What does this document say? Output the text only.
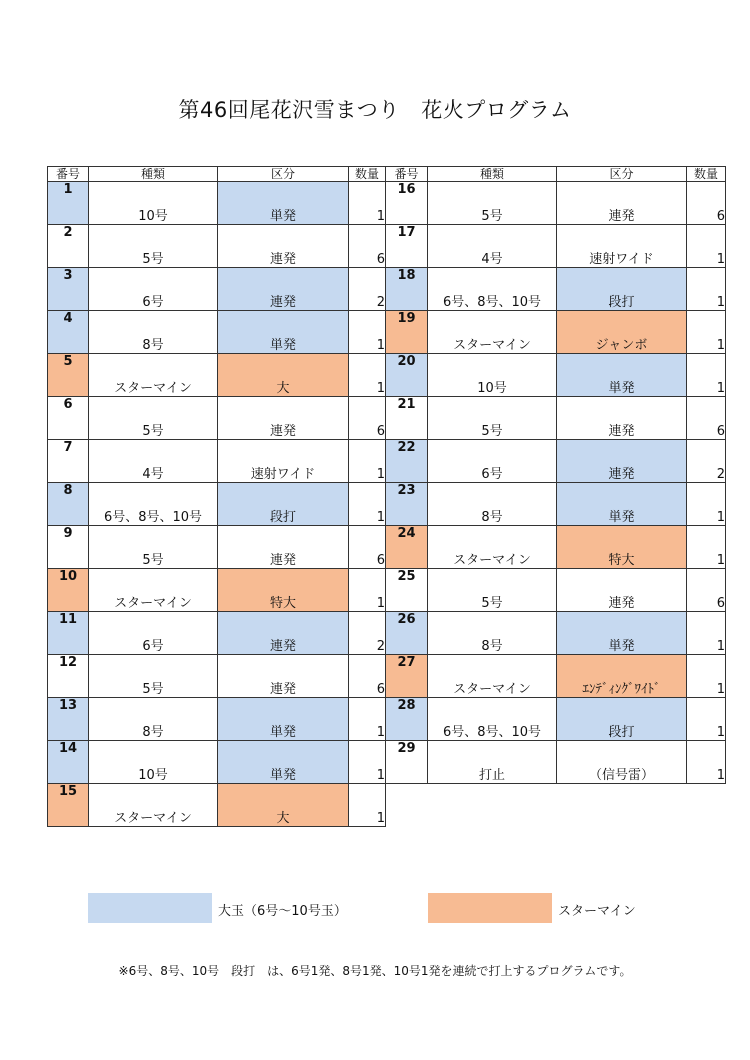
第46回尾花沢雪まつり　花火プログラム
番号	種類	区分	数量
1	10号	単発	1
2	5号	連発	6
3	6号	連発	2
4	8号	単発	1
5	スターマイン	大	1
6	5号	連発	6
7	4号	速射ワイド	1
8	6号、8号、10号	段打	1
9	5号	連発	6
10	スターマイン	特大	1
11	6号	連発	2
12	5号	連発	6
13	8号	単発	1
14	10号	単発	1
15	スターマイン	大	1
番号	種類	区分	数量
16	5号	連発	6
17	4号	速射ワイド	1
18	6号、8号、10号	段打	1
19	スターマイン	ジャンボ	1
20	10号	単発	1
21	5号	連発	6
22	6号	連発	2
23	8号	単発	1
24	スターマイン	特大	1
25	5号	連発	6
26	8号	単発	1
27	スターマイン	ｴﾝﾃﾞｨﾝｸﾞﾜｲﾄﾞ	1
28	6号、8号、10号	段打	1
29	打止	（信号雷）	1
大玉（6号～10号玉）	スターマイン
※6号、8号、10号　段打　は、6号1発、8号1発、10号1発を連続で打上するプログラムです。
